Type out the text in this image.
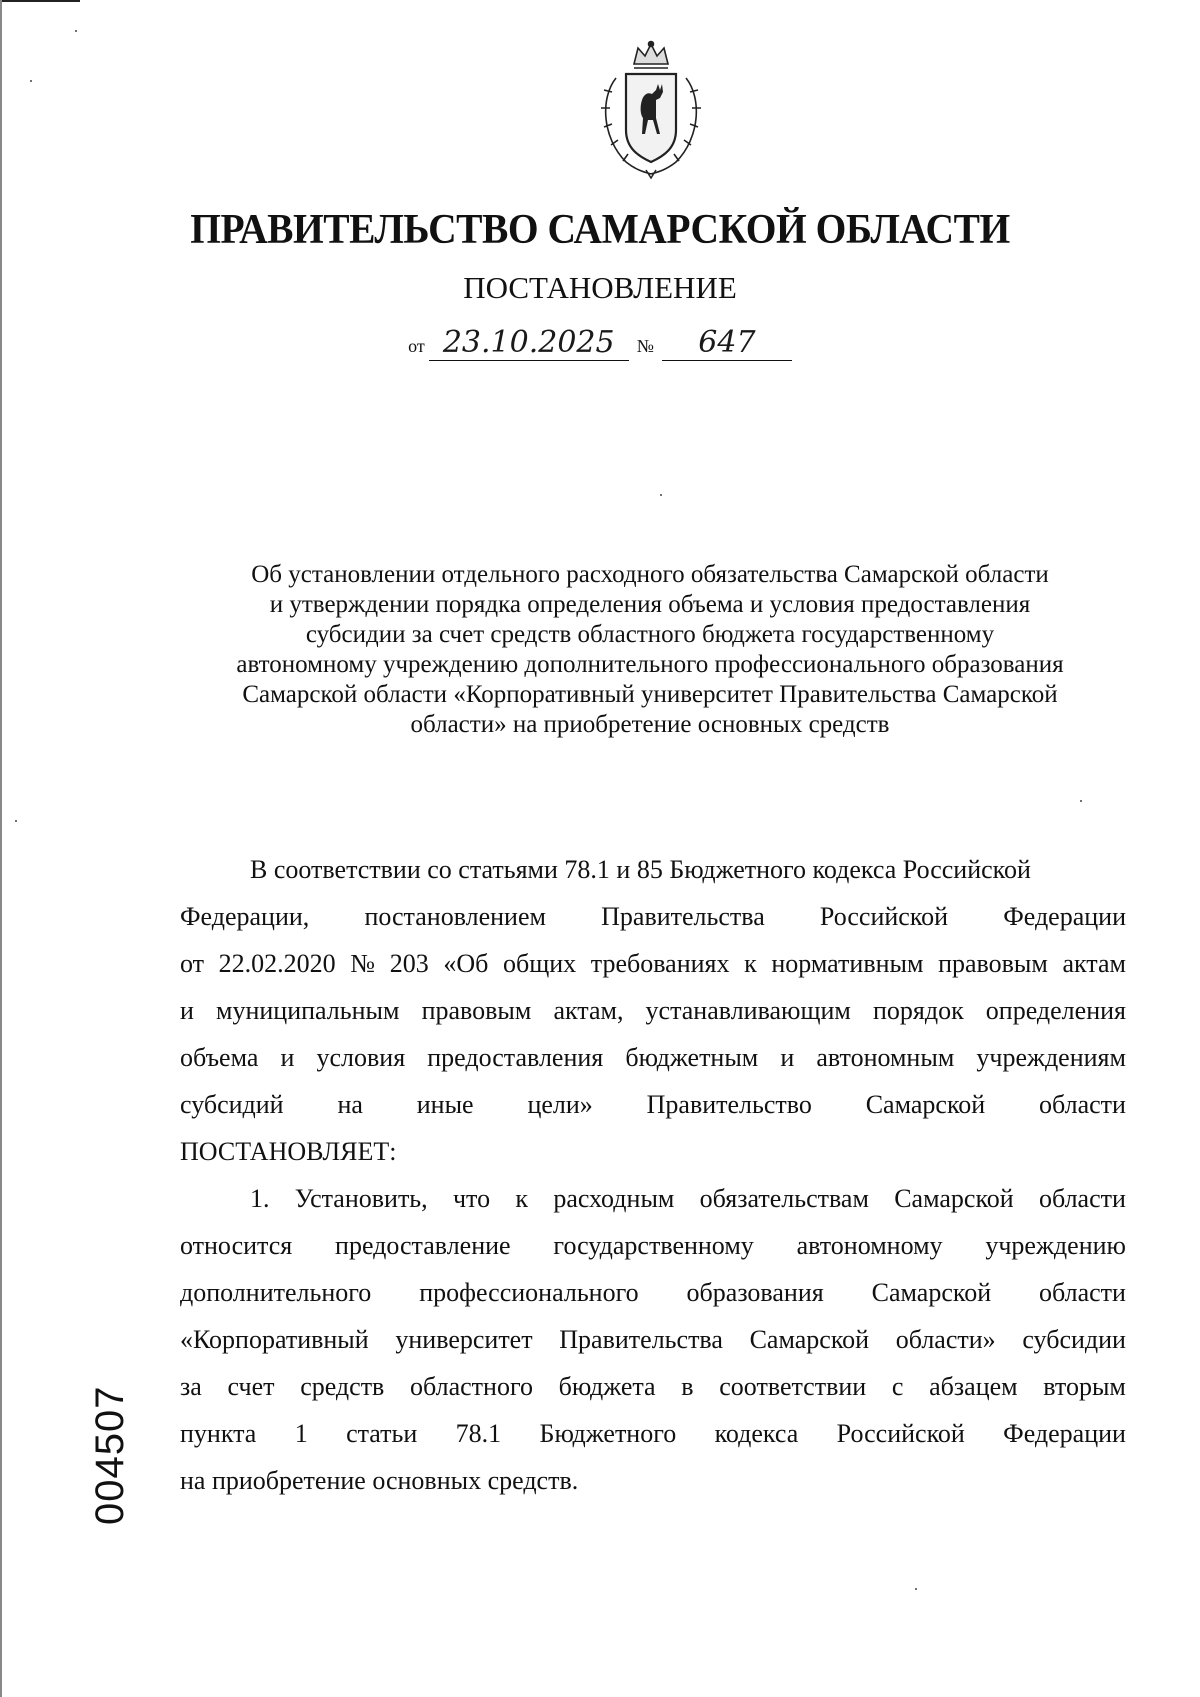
ПРАВИТЕЛЬСТВО САМАРСКОЙ ОБЛАСТИ
ПОСТАНОВЛЕНИЕ
от 23.10.2025 № 647
Об установлении отдельного расходного обязательства Самарской области
и утверждении порядка определения объема и условия предоставления
субсидии за счет средств областного бюджета государственному
автономному учреждению дополнительного профессионального образования
Самарской области «Корпоративный университет Правительства Самарской
области» на приобретение основных средств
В соответствии со статьями 78.1 и 85 Бюджетного кодекса Российской
Федерации, постановлением Правительства Российской Федерации
от 22.02.2020 № 203 «Об общих требованиях к нормативным правовым актам
и муниципальным правовым актам, устанавливающим порядок определения
объема и условия предоставления бюджетным и автономным учреждениям
субсидий на иные цели» Правительство Самарской области
ПОСТАНОВЛЯЕТ:
1. Установить, что к расходным обязательствам Самарской области
относится предоставление государственному автономному учреждению
дополнительного профессионального образования Самарской области
«Корпоративный университет Правительства Самарской области» субсидии
за счет средств областного бюджета в соответствии с абзацем вторым
пункта 1 статьи 78.1 Бюджетного кодекса Российской Федерации
на приобретение основных средств.
004507
